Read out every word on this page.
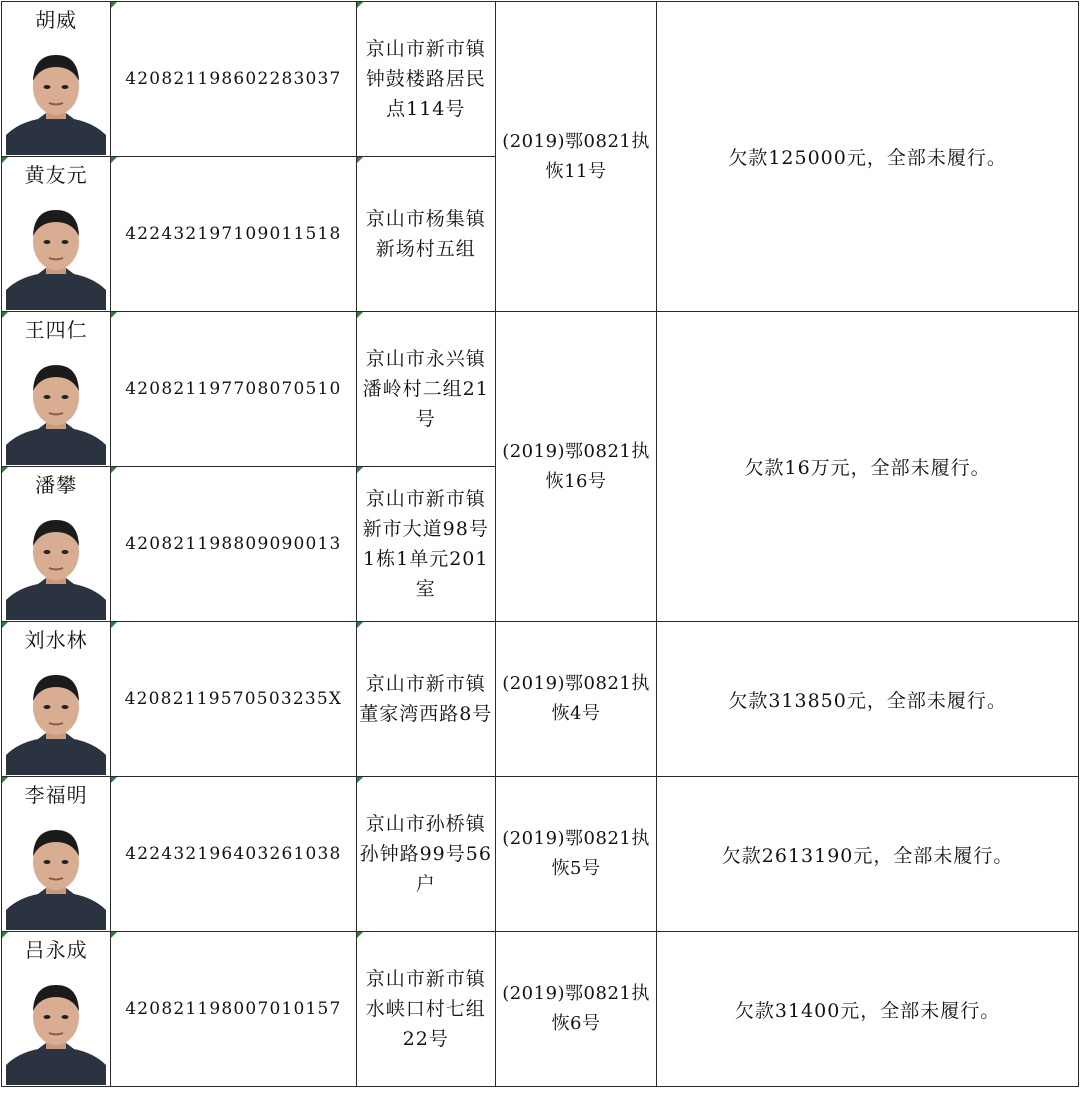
胡威	420821198602283037	京山市新市镇钟鼓楼路居民点114号	(2019)鄂0821执恢11号	欠款125000元，全部未履行。

黄友元	422432197109011518	京山市杨集镇新场村五组		

王四仁	420821197708070510	京山市永兴镇潘岭村二组21号	(2019)鄂0821执恢16号	欠款16万元，全部未履行。

潘攀	420821198809090013	京山市新市镇新市大道98号1栋1单元201室		

刘水林	42082119570503235X	京山市新市镇董家湾西路8号	(2019)鄂0821执恢4号	欠款313850元，全部未履行。

李福明	422432196403261038	京山市孙桥镇孙钟路99号56户	(2019)鄂0821执恢5号	欠款2613190元，全部未履行。

吕永成	420821198007010157	京山市新市镇水峡口村七组22号	(2019)鄂0821执恢6号	欠款31400元，全部未履行。
